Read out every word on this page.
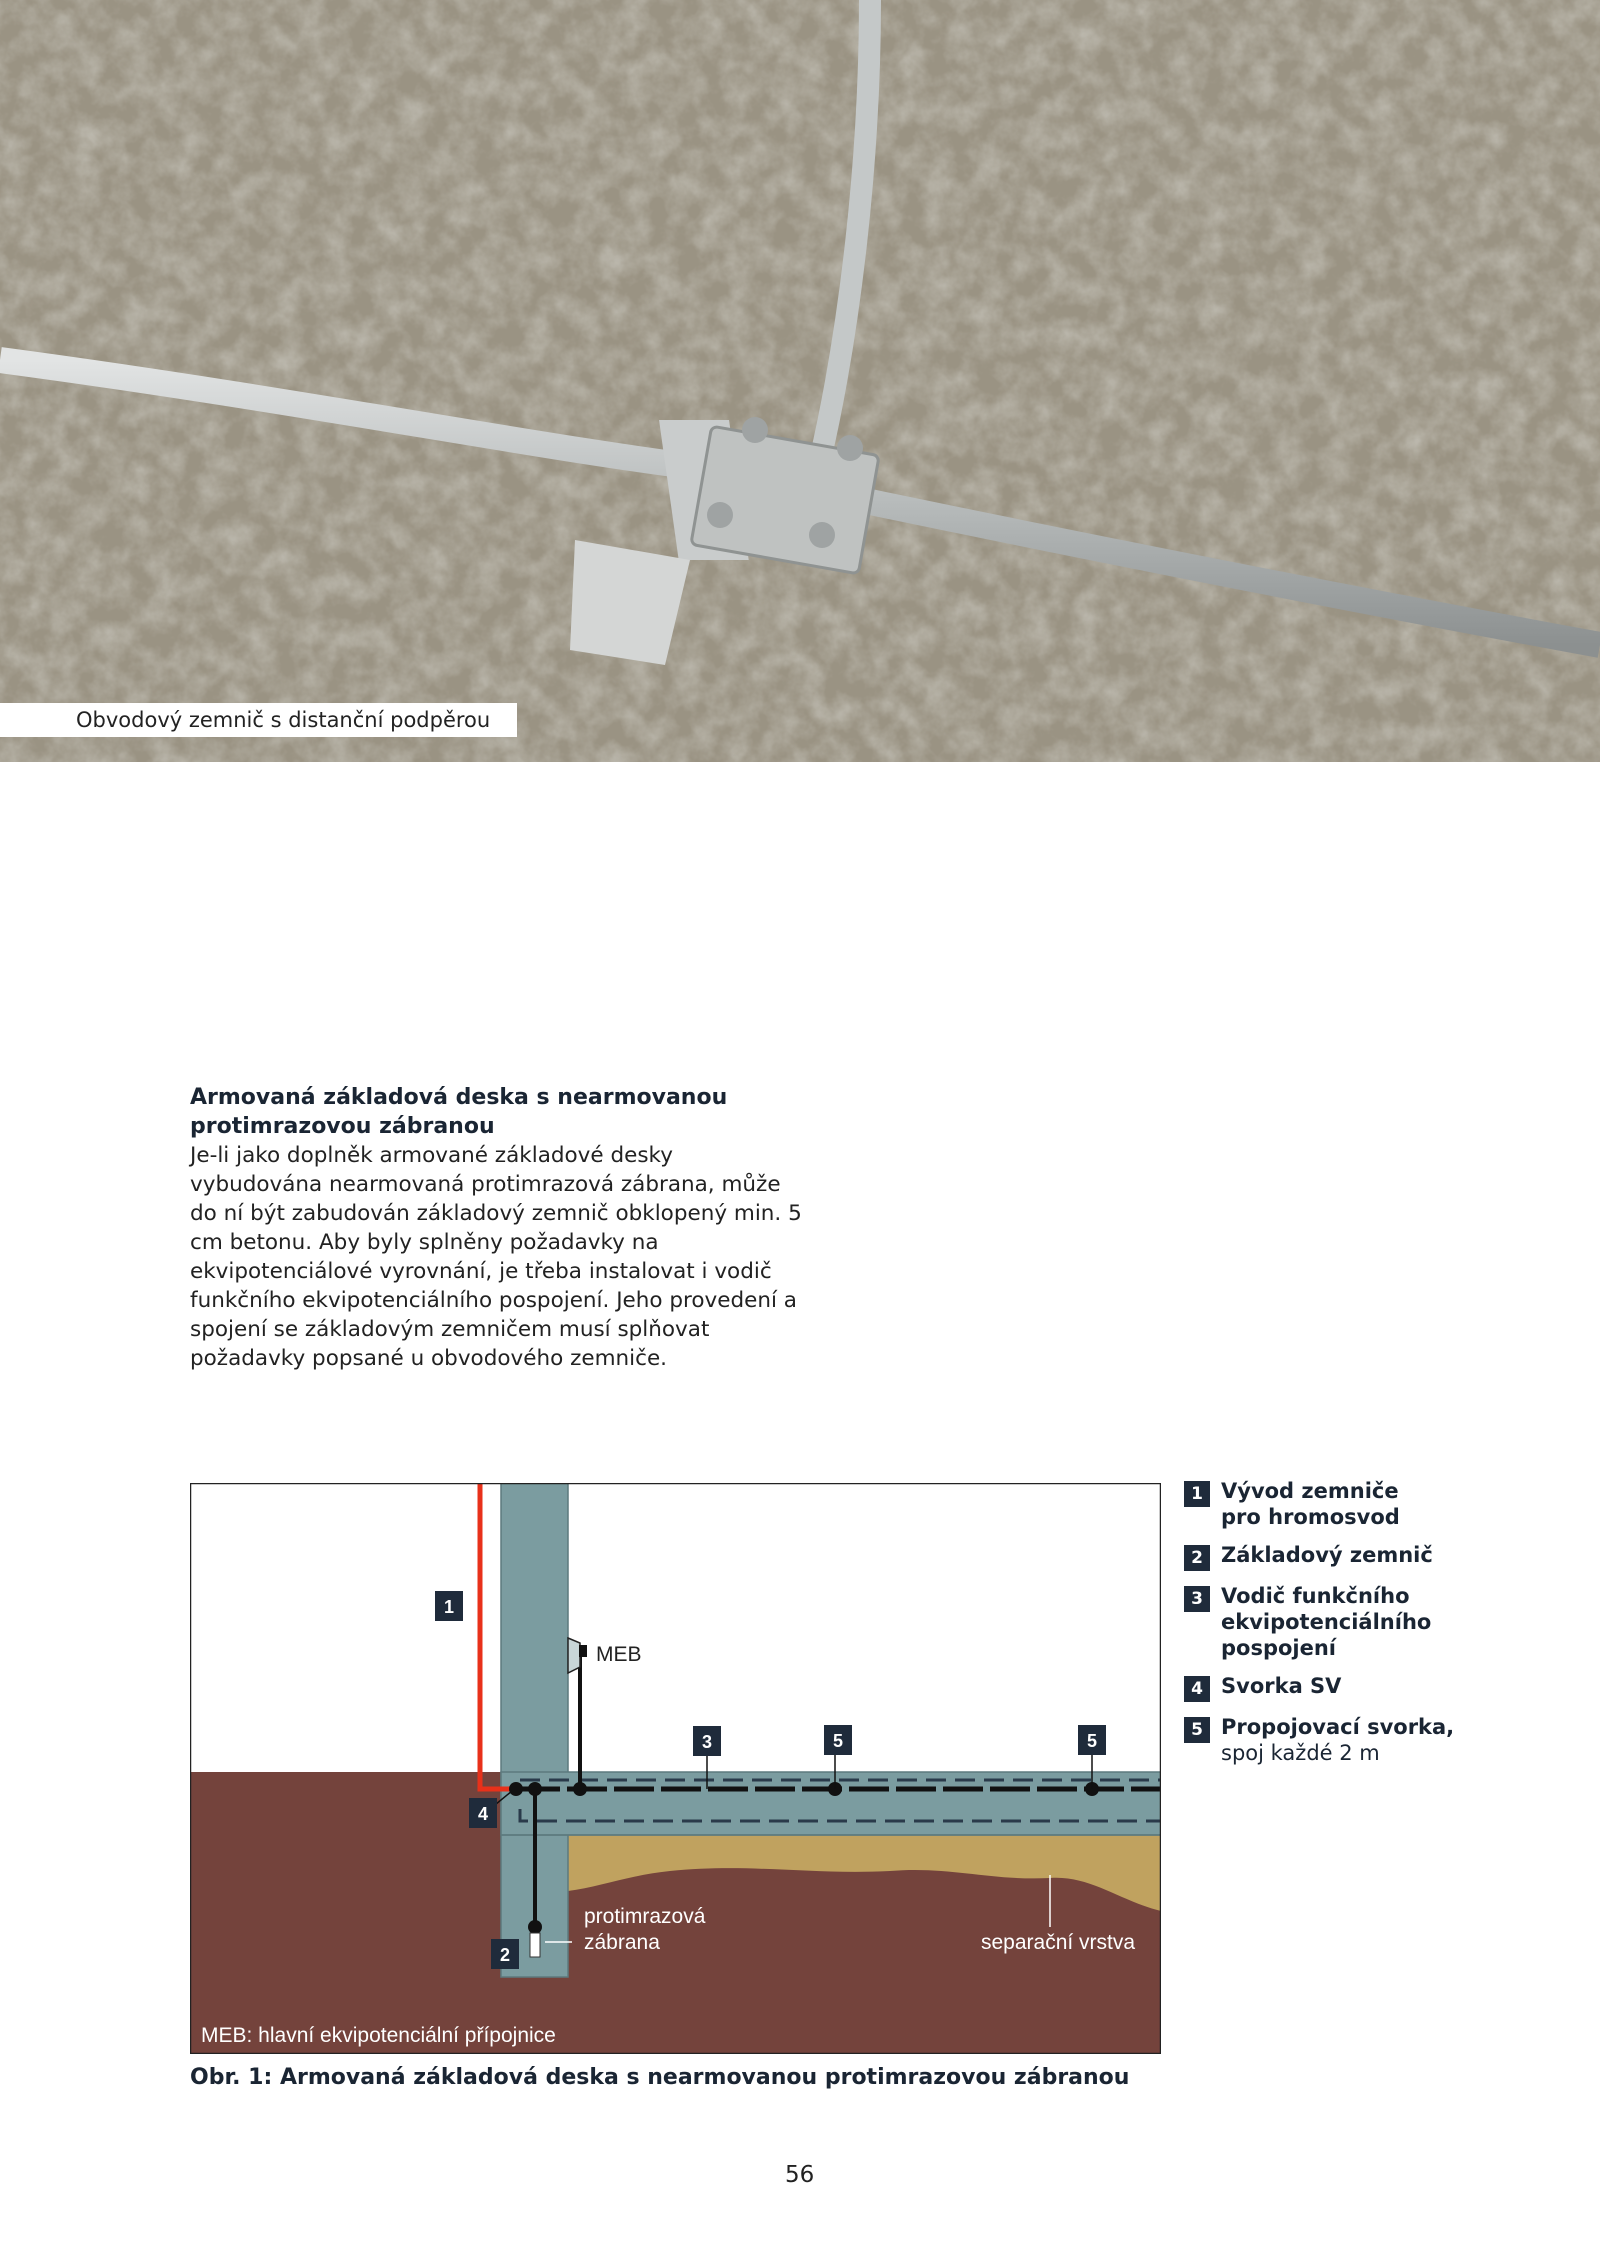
Obvodový zemnič s distanční podpěrou
Armovaná základová deska s nearmovanou protimrazovou zábranou

Je-li jako doplněk armované základové desky vybudována nearmovaná protimrazová zábrana, může do ní být zabudován základový zemnič obklopený min. 5 cm betonu. Aby byly splněny požadavky na ekvipotenciálové vyrovnání, je třeba instalovat i vodič funkčního ekvipotenciálního pospojení. Jeho provedení a spojení se základovým zemničem musí splňovat požadavky popsané u obvodového zemniče.

1
2
3
4
5	5
MEB
protimrazová
zábrana	separační vrstva
MEB: hlavní ekvipotenciální přípojnice
1 Vývod zemniče
pro hromosvod
2 Základový zemnič
3 Vodič funkčního
ekvipotenciálního
pospojení
4 Svorka SV
5 Propojovací svorka,
spoj každé 2 m
Obr. 1: Armovaná základová deska s nearmovanou protimrazovou zábranou
56
